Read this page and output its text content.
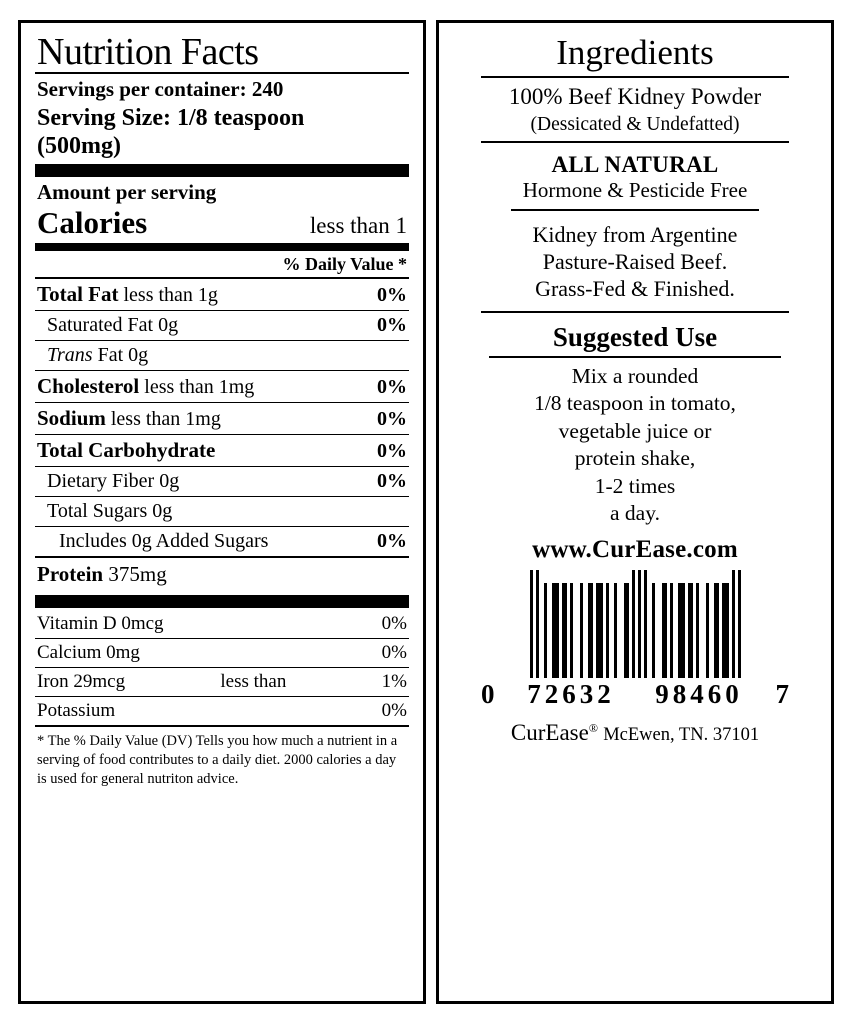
Nutrition Facts
Servings per container: 240
Serving Size: 1/8 teaspoon
(500mg)
Amount per serving
Calories	less than 1
% Daily Value *
Total Fat less than 1g	0%
Saturated Fat 0g	0%
Trans Fat 0g
Cholesterol less than 1mg	0%
Sodium less than 1mg	0%
Total Carbohydrate	0%
Dietary Fiber 0g	0%
Total Sugars 0g
Includes 0g Added Sugars	0%
Protein 375mg
Vitamin D 0mcg	0%
Calcium 0mg	0%
Iron 29mcg	less than	1%
Potassium	0%
* The % Daily Value (DV) Tells you how much a nutrient in a serving of food contributes to a daily diet. 2000 calories a day is used for general nutriton advice.
Ingredients
100% Beef Kidney Powder
(Dessicated & Undefatted)
ALL NATURAL
Hormone & Pesticide Free
Kidney from Argentine
Pasture-Raised Beef.
Grass-Fed & Finished.
Suggested Use
Mix a rounded
1/8 teaspoon in tomato,
vegetable juice or
protein shake,
1-2 times
a day.
www.CurEase.com
0	72632	98460	7
CurEase® McEwen, TN. 37101
